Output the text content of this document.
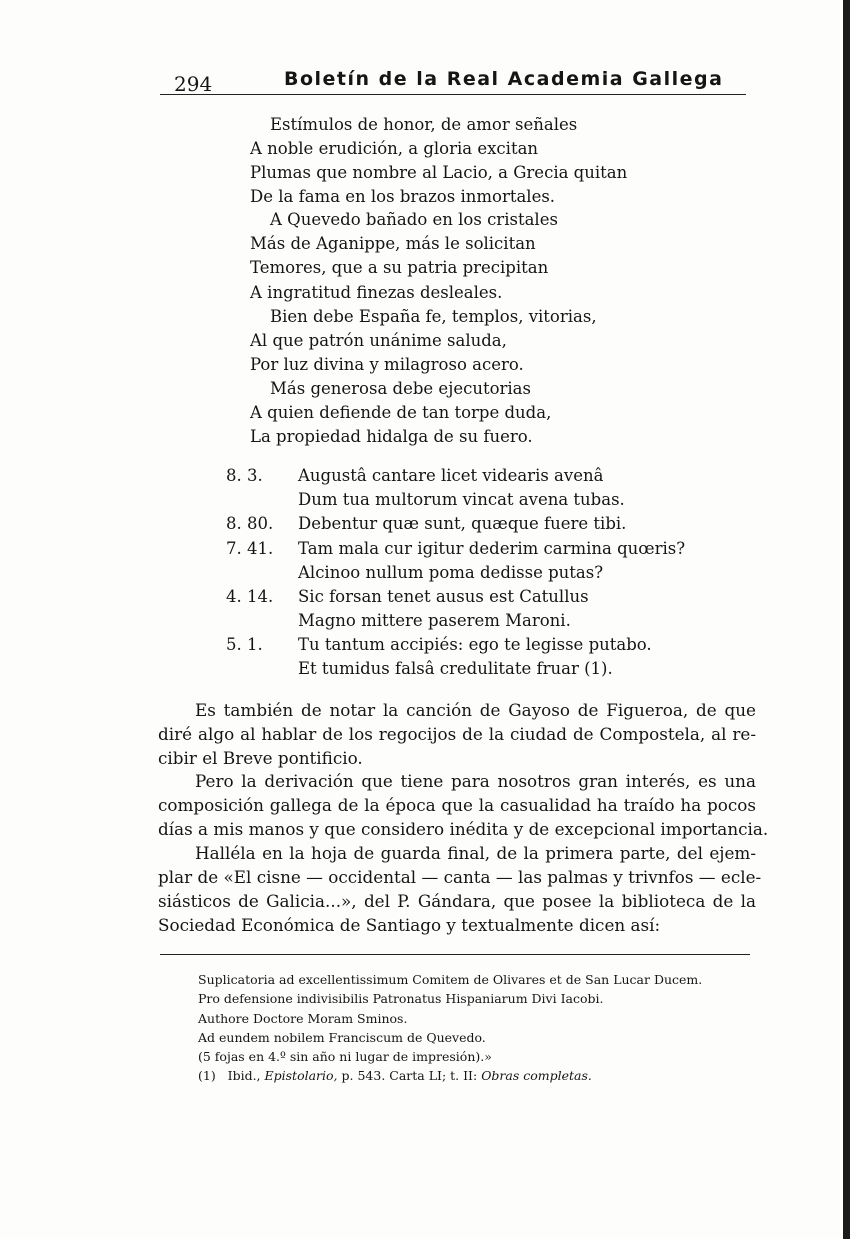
294	Boletín de la Real Academia Gallega
Estímulos de honor, de amor señales
A noble erudición, a gloria excitan
Plumas que nombre al Lacio, a Grecia quitan
De la fama en los brazos inmortales.
A Quevedo bañado en los cristales
Más de Aganippe, más le solicitan
Temores, que a su patria precipitan
A ingratitud finezas desleales.
Bien debe España fe, templos, vitorias,
Al que patrón unánime saluda,
Por luz divina y milagroso acero.
Más generosa debe ejecutorias
A quien defiende de tan torpe duda,
La propiedad hidalga de su fuero.
8. 3. Augustâ cantare licet videaris avenâ
Dum tua multorum vincat avena tubas.
8. 80. Debentur quæ sunt, quæque fuere tibi.
7. 41. Tam mala cur igitur dederim carmina quœris?
Alcinoo nullum poma dedisse putas?
4. 14. Sic forsan tenet ausus est Catullus
Magno mittere paserem Maroni.
5. 1. Tu tantum accipiés: ego te legisse putabo.
Et tumidus falsâ credulitate fruar (1).
Es también de notar la canción de Gayoso de Figueroa, de que
diré algo al hablar de los regocijos de la ciudad de Compostela, al re-
cibir el Breve pontificio.
Pero la derivación que tiene para nosotros gran interés, es una
composición gallega de la época que la casualidad ha traído ha pocos
días a mis manos y que considero inédita y de excepcional importancia.
Halléla en la hoja de guarda final, de la primera parte, del ejem-
plar de «El cisne — occidental — canta — las palmas y trivnfos — ecle-
siásticos de Galicia...», del P. Gándara, que posee la biblioteca de la
Sociedad Económica de Santiago y textualmente dicen así:
Suplicatoria ad excellentissimum Comitem de Olivares et de San Lucar Ducem.
Pro defensione indivisibilis Patronatus Hispaniarum Divi Iacobi.
Authore Doctore Moram Sminos.
Ad eundem nobilem Franciscum de Quevedo.
(5 fojas en 4.º sin año ni lugar de impresión).»
(1) Ibid., Epistolario, p. 543. Carta LI; t. II: Obras completas.
